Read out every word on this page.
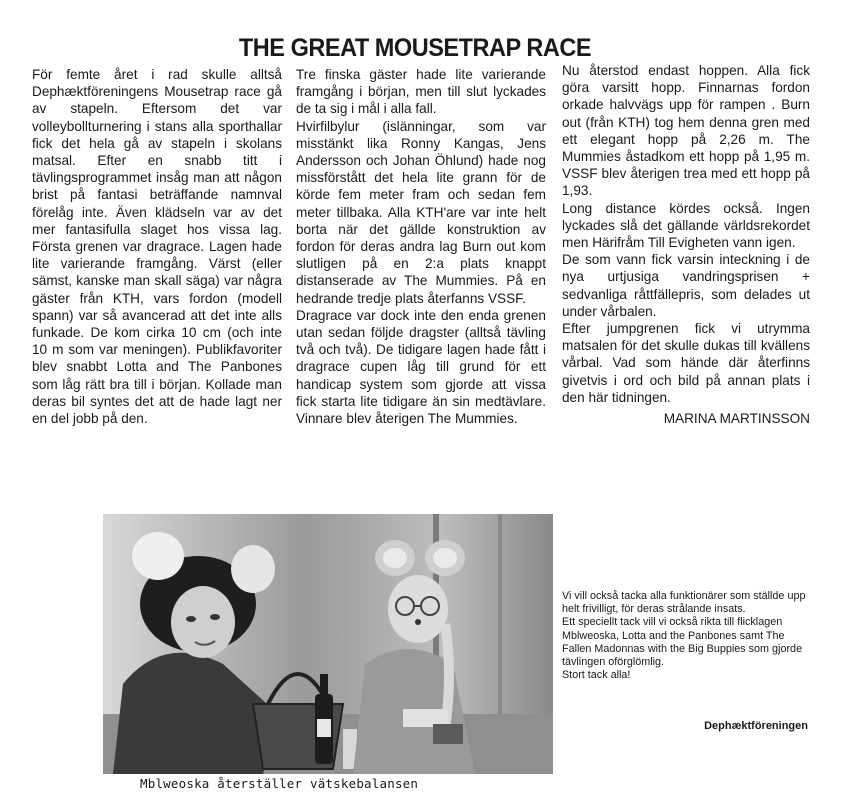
THE GREAT MOUSETRAP RACE

För femte året i rad skulle alltså Dephæktföreningens Mousetrap race gå av stapeln. Eftersom det var volleybollturnering i stans alla sporthallar fick det hela gå av stapeln i skolans matsal. Efter en snabb titt i tävlingsprogrammet insåg man att någon brist på fantasi beträffande namnval förelåg inte. Även klädseln var av det mer fantasifulla slaget hos vissa lag. Första grenen var dragrace. Lagen hade lite varierande framgång. Värst (eller sämst, kanske man skall säga) var några gäster från KTH, vars fordon (modell spann) var så avancerad att det inte alls funkade. De kom cirka 10 cm (och inte 10 m som var meningen). Publikfavoriter blev snabbt Lotta and The Panbones som låg rätt bra till i början. Kollade man deras bil syntes det att de hade lagt ner en del jobb på den.

Tre finska gäster hade lite varierande framgång i början, men till slut lyckades de ta sig i mål i alla fall.

Hvirfilbylur (islänningar, som var misstänkt lika Ronny Kangas, Jens Andersson och Johan Öhlund) hade nog missförstått det hela lite grann för de körde fem meter fram och sedan fem meter tillbaka. Alla KTH'are var inte helt borta när det gällde konstruktion av fordon för deras andra lag Burn out kom slutligen på en 2:a plats knappt distanserade av The Mummies. På en hedrande tredje plats återfanns VSSF.

Dragrace var dock inte den enda grenen utan sedan följde dragster (alltså tävling två och två). De tidigare lagen hade fått i dragrace cupen låg till grund för ett handicap system som gjorde att vissa fick starta lite tidigare än sin medtävlare. Vinnare blev återigen The Mummies.

Nu återstod endast hoppen. Alla fick göra varsitt hopp. Finnarnas fordon orkade halvvägs upp för rampen . Burn out (från KTH) tog hem denna gren med ett elegant hopp på 2,26 m. The Mummies åstadkom ett hopp på 1,95 m. VSSF blev återigen trea med ett hopp på 1,93.

Long distance kördes också. Ingen lyckades slå det gällande världsrekordet men Härifråm Till Evigheten vann igen.

De som vann fick varsin inteckning i de nya urtjusiga vandringsprisen + sedvanliga råttfällepris, som delades ut under vårbalen.

Efter jumpgrenen fick vi utrymma matsalen för det skulle dukas till kvällens vårbal. Vad som hände där återfinns givetvis i ord och bild på annan plats i den här tidningen.

MARINA MARTINSSON

Mblweoska återställer vätskebalansen

Vi vill också tacka alla funktionärer som ställde upp helt frivilligt, för deras strålande insats.

Ett speciellt tack vill vi också rikta till flicklagen Mblweoska, Lotta and the Panbones samt The Fallen Madonnas with the Big Buppies som gjorde tävlingen oförglömlig.

Stort tack alla!

Dephæktföreningen
